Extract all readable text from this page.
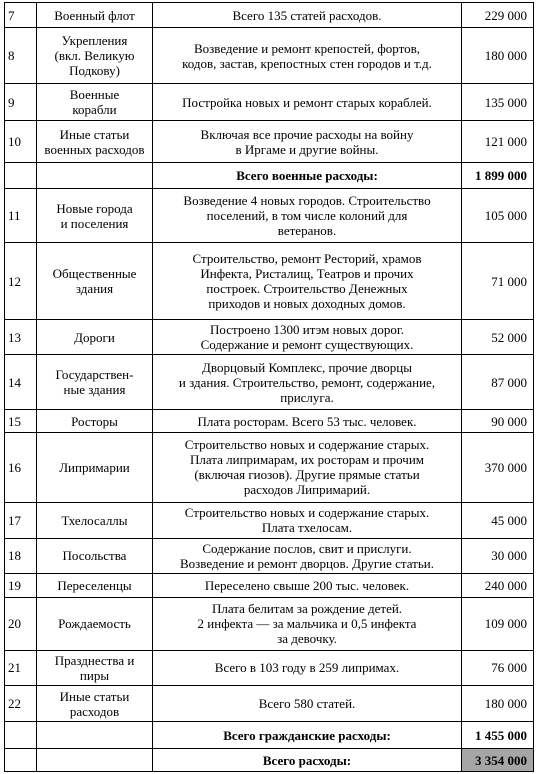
7	Военный флот	Всего 135 статей расходов.	229 000
8	Укрепления
(вкл. Великую
Подкову)	Возведение и ремонт крепостей, фортов,
кодов, застав, крепостных стен городов и т.д.	180 000
9	Военные
корабли	Постройка новых и ремонт старых кораблей.	135 000
10	Иные статьи
военных расходов	Включая все прочие расходы на войну
в Иргаме и другие войны.	121 000
		Всего военные расходы:	1 899 000
11	Новые города
и поселения	Возведение 4 новых городов. Строительство
поселений, в том числе колоний для
ветеранов.	105 000
12	Общественные
здания	Строительство, ремонт Ресторий, храмов
Инфекта, Ристалищ, Театров и прочих
построек. Строительство Денежных
приходов и новых доходных домов.	71 000
13	Дороги	Построено 1300 итэм новых дорог.
Содержание и ремонт существующих.	52 000
14	Государствен-
ные здания	Дворцовый Комплекс, прочие дворцы
и здания. Строительство, ремонт, содержание,
прислуга.	87 000
15	Росторы	Плата росторам. Всего 53 тыс. человек.	90 000
16	Липримарии	Строительство новых и содержание старых.
Плата липримарам, их росторам и прочим
(включая гиозов). Другие прямые статьи
расходов Липримарий.	370 000
17	Тхелосаллы	Строительство новых и содержание старых.
Плата тхелосам.	45 000
18	Посольства	Содержание послов, свит и прислуги.
Возведение и ремонт дворцов. Другие статьи.	30 000
19	Переселенцы	Переселено свыше 200 тыс. человек.	240 000
20	Рождаемость	Плата белитам за рождение детей.
2 инфекта — за мальчика и 0,5 инфекта
за девочку.	109 000
21	Празднества и
пиры	Всего в 103 году в 259 липримах.	76 000
22	Иные статьи
расходов	Всего 580 статей.	180 000
		Всего гражданские расходы:	1 455 000
		Всего расходы:	3 354 000
